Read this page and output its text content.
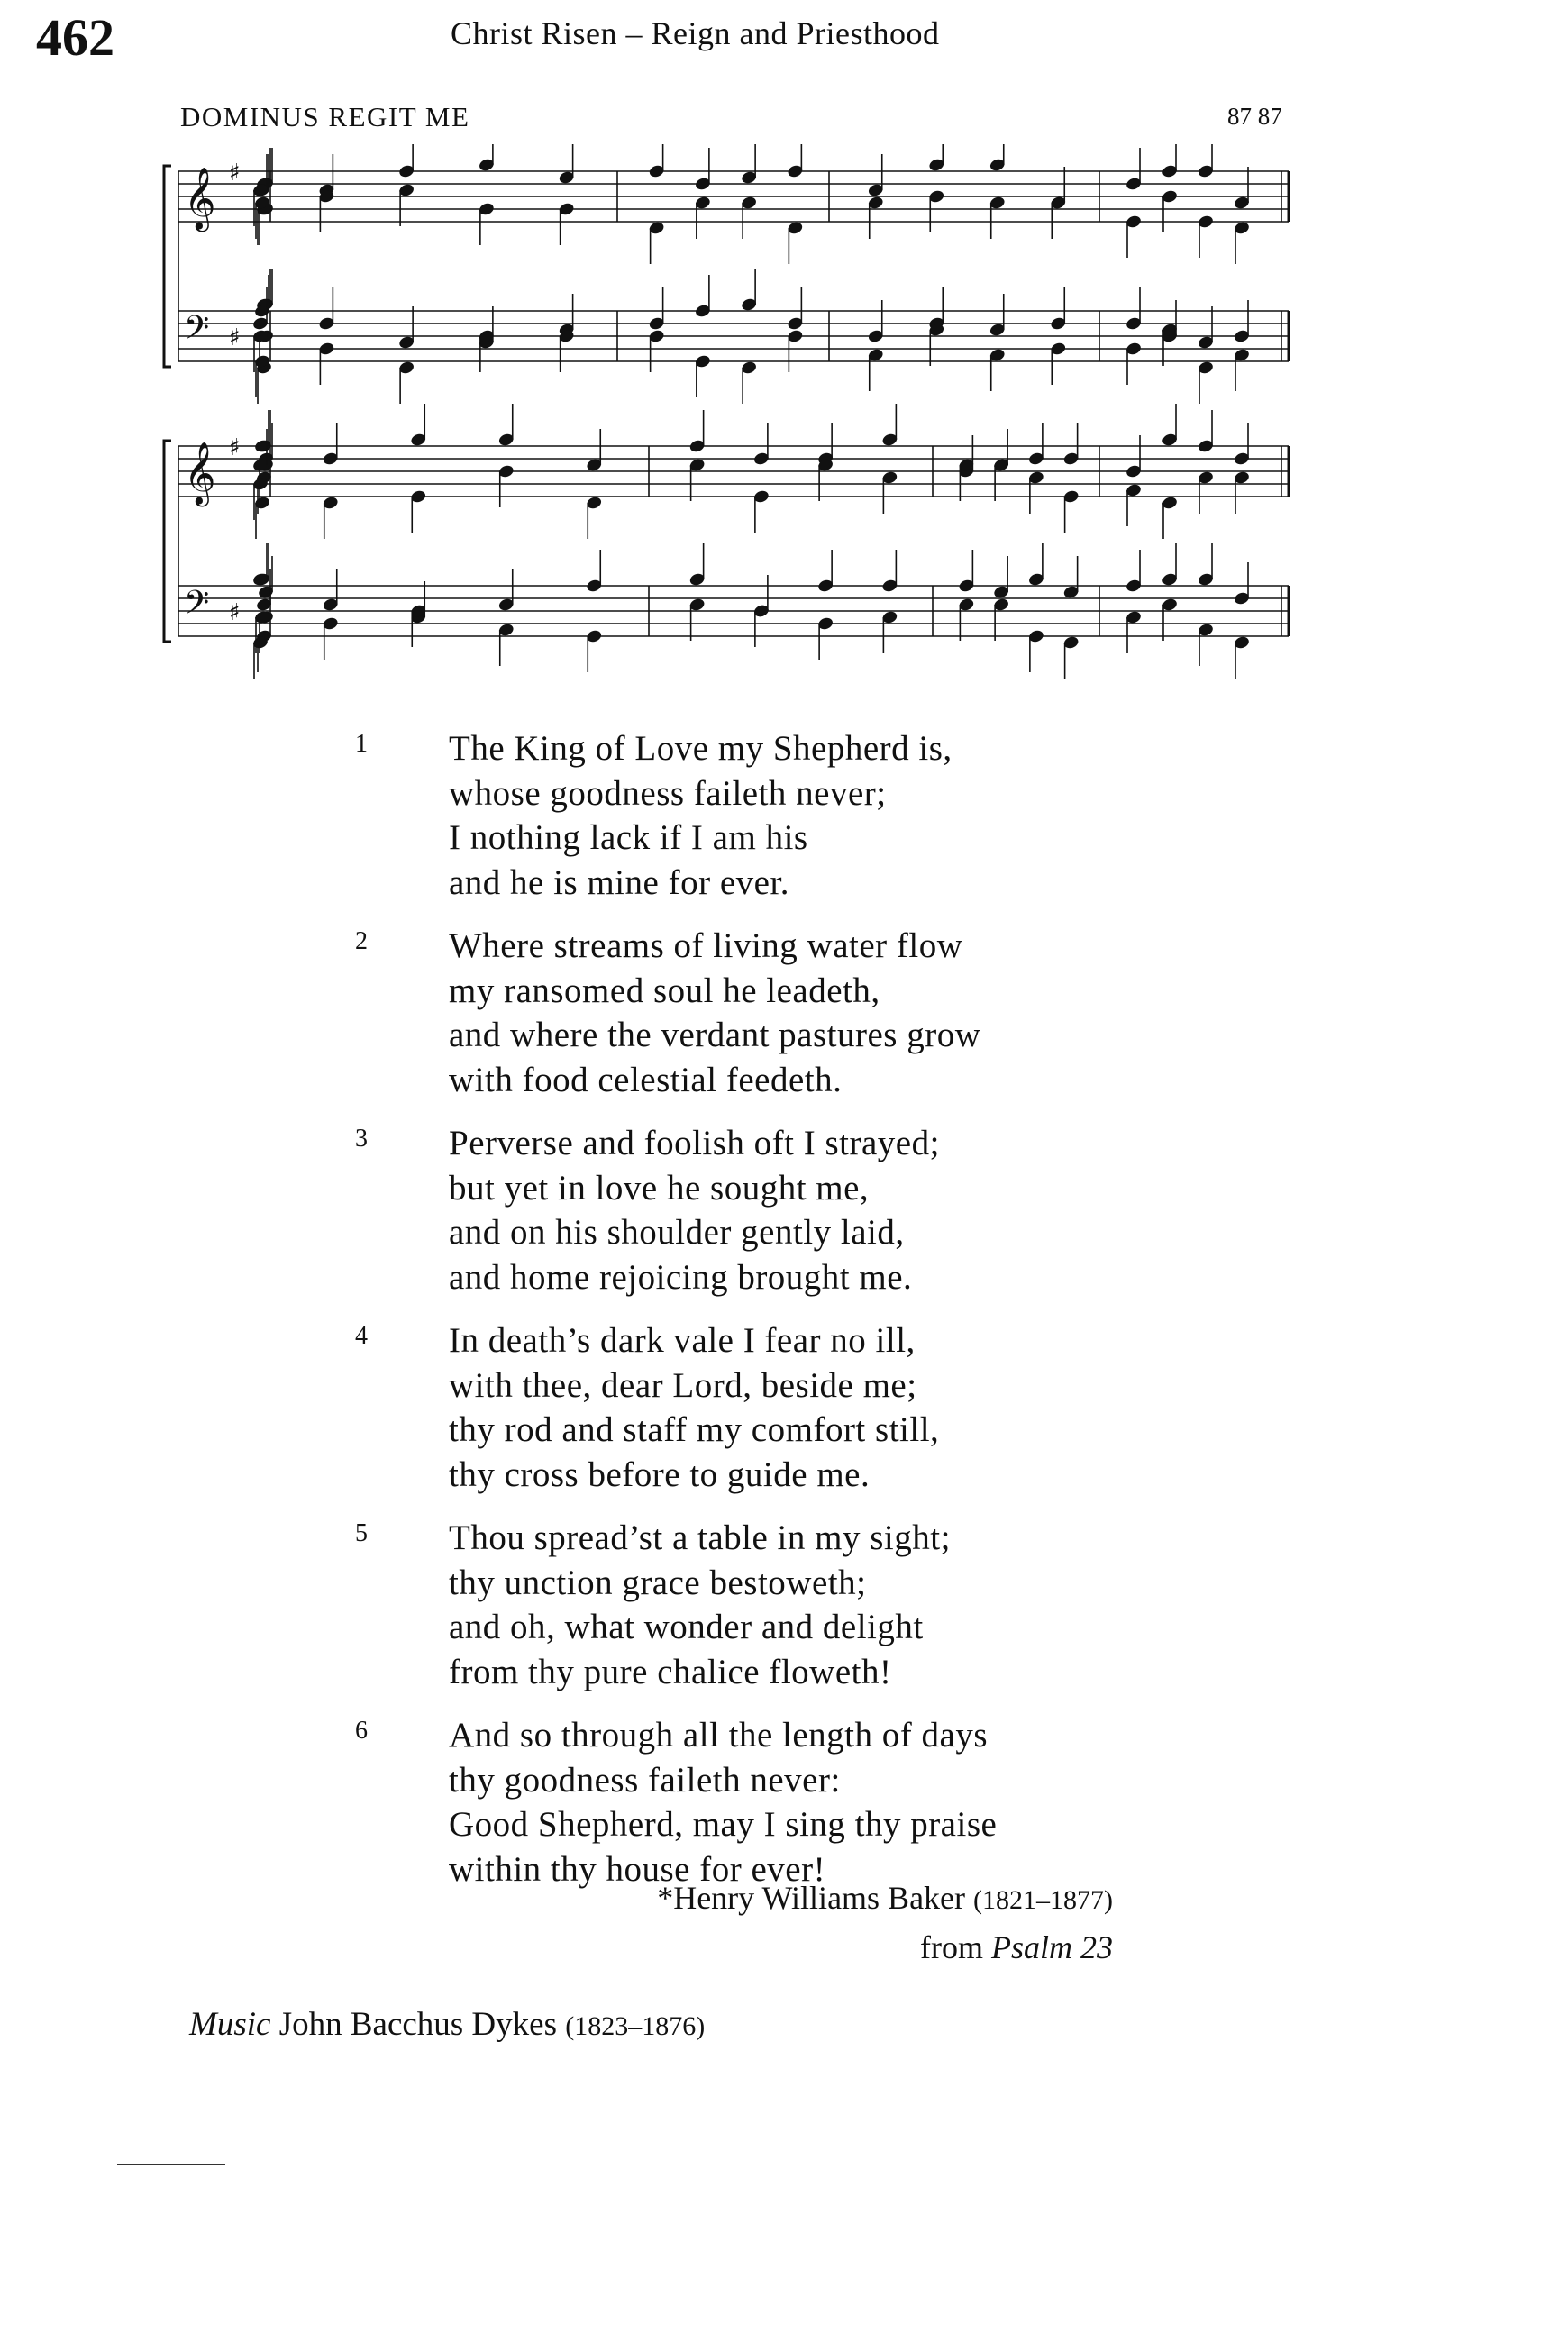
462	Christ Risen – Reign and Priesthood
DOMINUS REGIT ME	87 87
𝄞 ♯
𝄢 ♯
𝄞 ♯
𝄢 ♯
1	The King of Love my Shepherd is,
whose goodness faileth never;
I nothing lack if I am his
and he is mine for ever.
2	Where streams of living water flow
my ransomed soul he leadeth,
and where the verdant pastures grow
with food celestial feedeth.
3	Perverse and foolish oft I strayed;
but yet in love he sought me,
and on his shoulder gently laid,
and home rejoicing brought me.
4	In death’s dark vale I fear no ill,
with thee, dear Lord, beside me;
thy rod and staff my comfort still,
thy cross before to guide me.
5	Thou spread’st a table in my sight;
thy unction grace bestoweth;
and oh, what wonder and delight
from thy pure chalice floweth!
6	And so through all the length of days
thy goodness faileth never:
Good Shepherd, may I sing thy praise
within thy house for ever!
*Henry Williams Baker (1821–1877)
from Psalm 23
Music John Bacchus Dykes (1823–1876)
